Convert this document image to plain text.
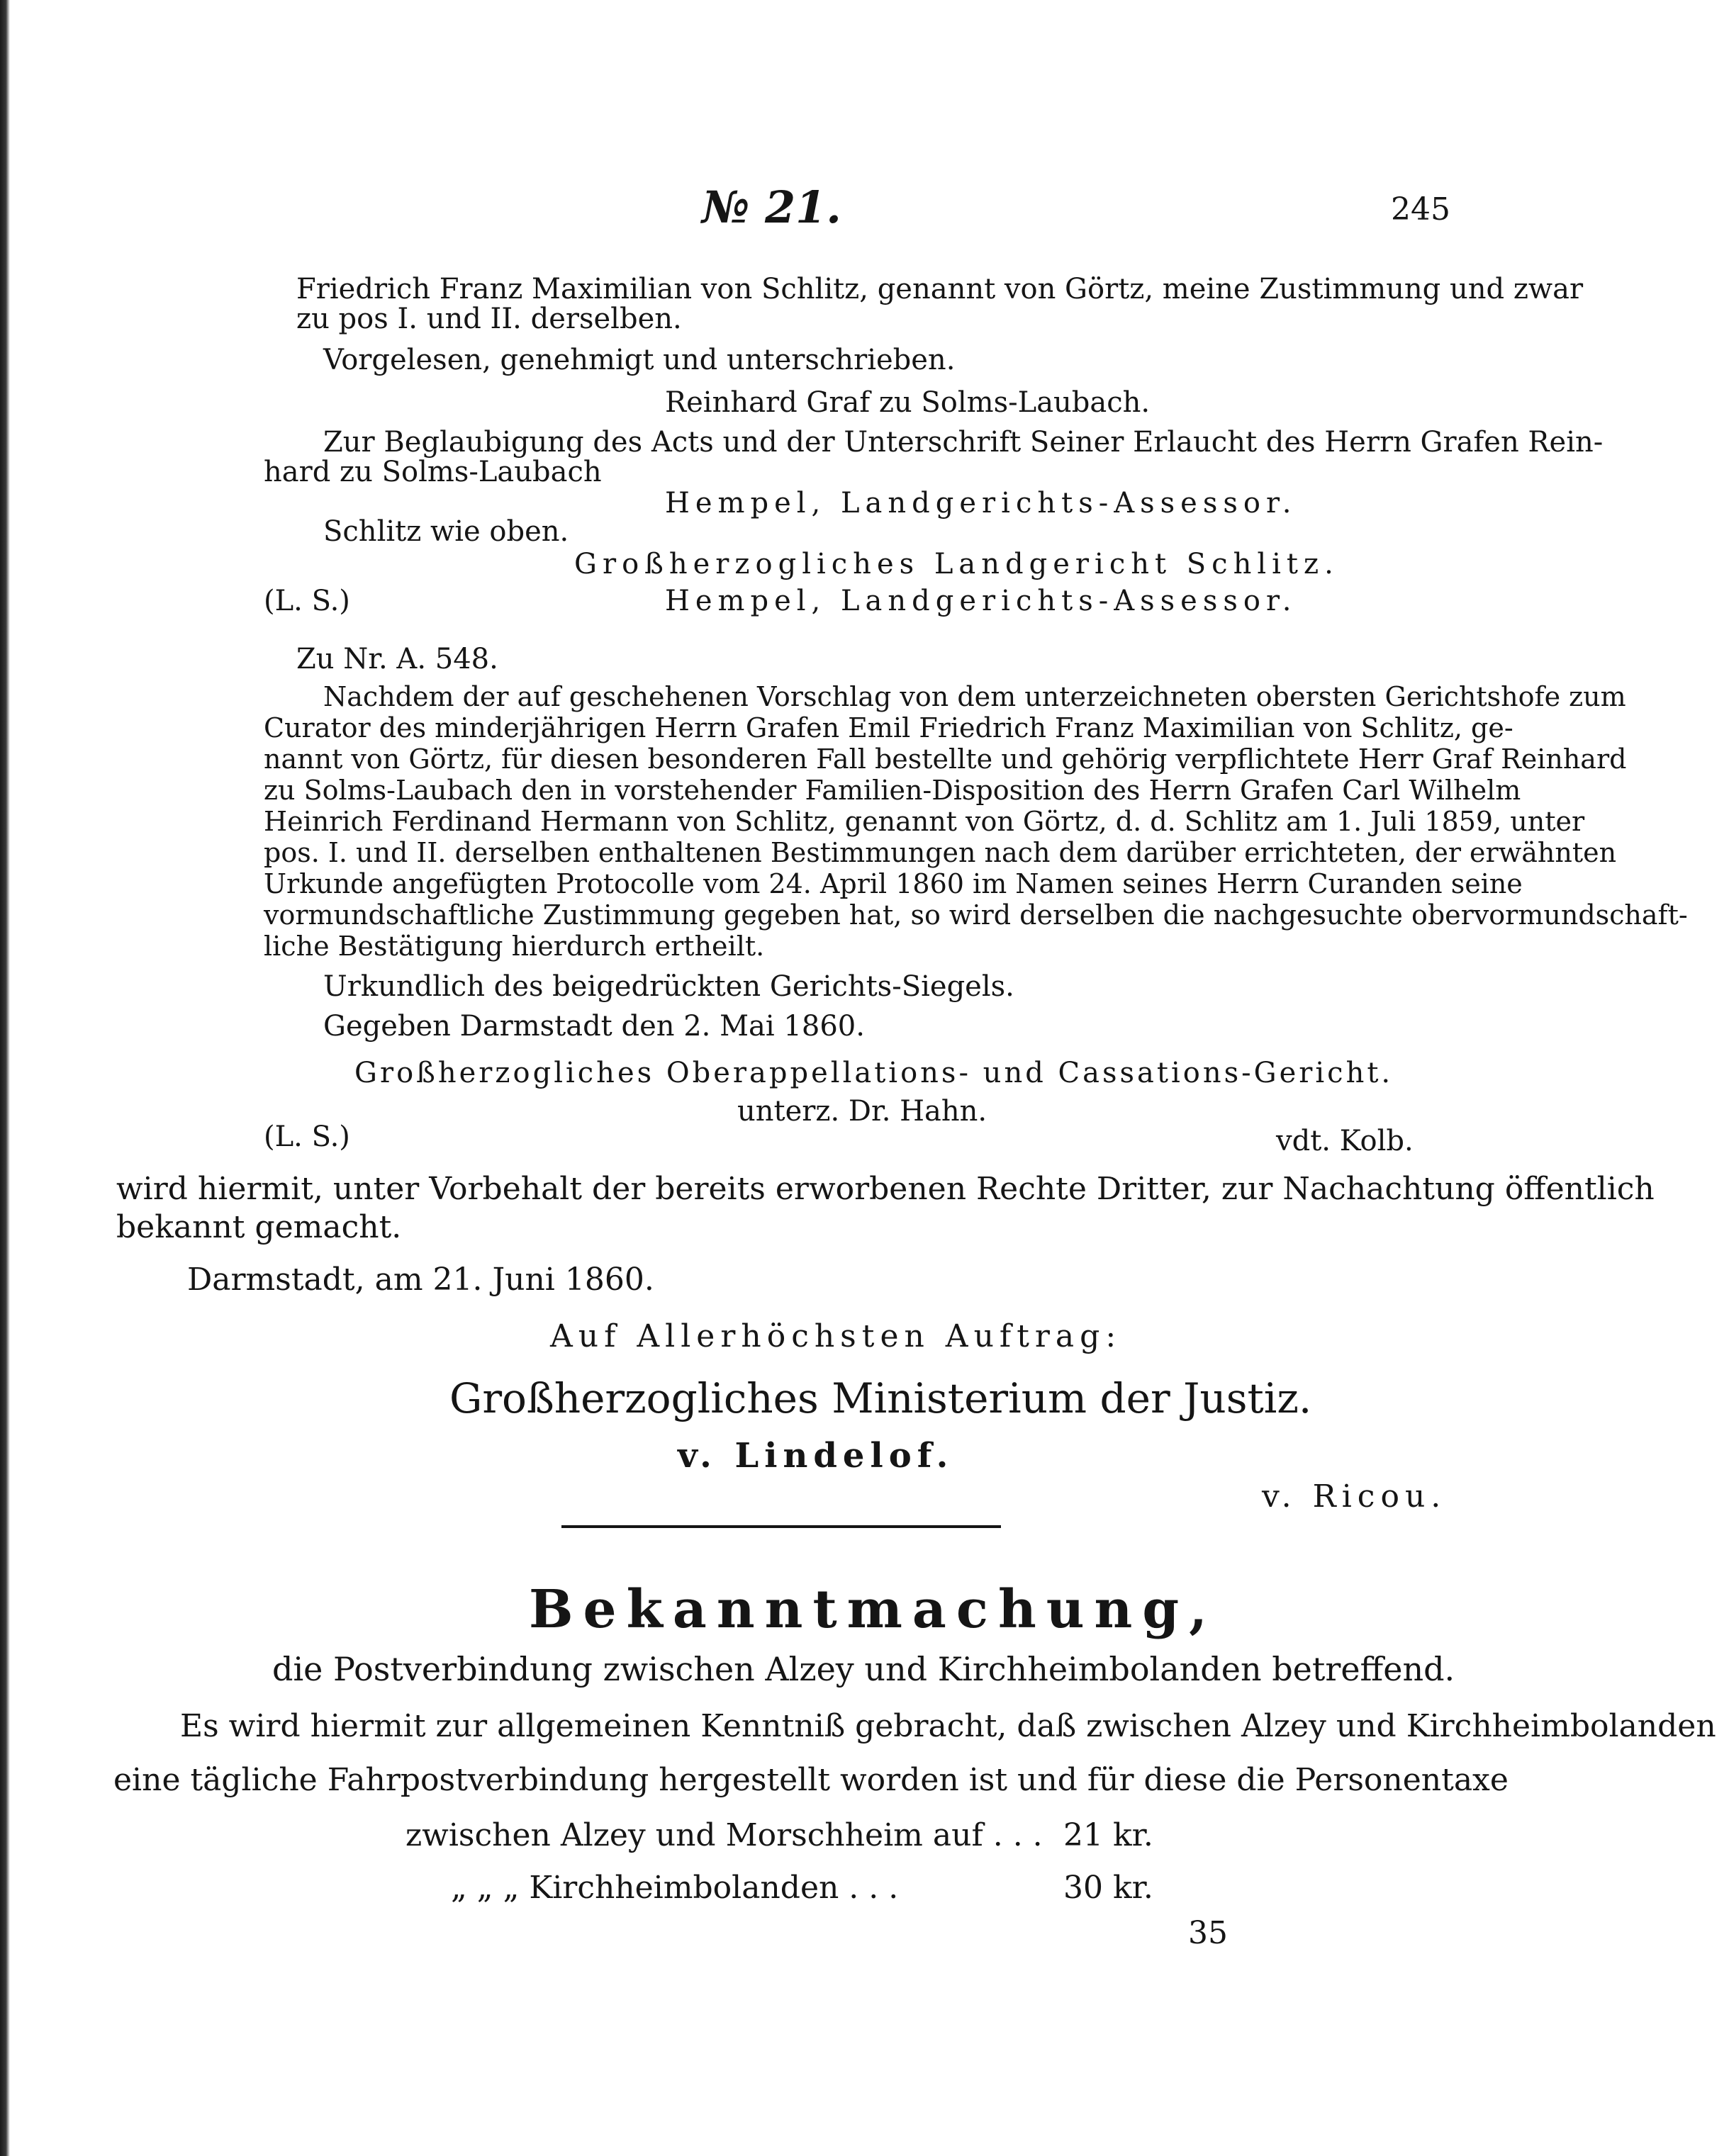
№ 21.	245
Friedrich Franz Maximilian von Schlitz, genannt von Görtz, meine Zustimmung und zwar
zu pos I. und II. derselben.
Vorgelesen, genehmigt und unterschrieben.
Reinhard Graf zu Solms-Laubach.
Zur Beglaubigung des Acts und der Unterschrift Seiner Erlaucht des Herrn Grafen Rein-
hard zu Solms-Laubach
Hempel, Landgerichts-Assessor.
Schlitz wie oben.
Großherzogliches Landgericht Schlitz.
(L. S.)	Hempel, Landgerichts-Assessor.
Zu Nr. A. 548.
Nachdem der auf geschehenen Vorschlag von dem unterzeichneten obersten Gerichtshofe zum
Curator des minderjährigen Herrn Grafen Emil Friedrich Franz Maximilian von Schlitz, ge-
nannt von Görtz, für diesen besonderen Fall bestellte und gehörig verpflichtete Herr Graf Reinhard
zu Solms-Laubach den in vorstehender Familien-Disposition des Herrn Grafen Carl Wilhelm
Heinrich Ferdinand Hermann von Schlitz, genannt von Görtz, d. d. Schlitz am 1. Juli 1859, unter
pos. I. und II. derselben enthaltenen Bestimmungen nach dem darüber errichteten, der erwähnten
Urkunde angefügten Protocolle vom 24. April 1860 im Namen seines Herrn Curanden seine
vormundschaftliche Zustimmung gegeben hat, so wird derselben die nachgesuchte obervormundschaft-
liche Bestätigung hierdurch ertheilt.
Urkundlich des beigedrückten Gerichts-Siegels.
Gegeben Darmstadt den 2. Mai 1860.
Großherzogliches Oberappellations- und Cassations-Gericht.
unterz. Dr. Hahn.
(L. S.)	vdt. Kolb.
wird hiermit, unter Vorbehalt der bereits erworbenen Rechte Dritter, zur Nachachtung öffentlich
bekannt gemacht.
Darmstadt, am 21. Juni 1860.
Auf Allerhöchsten Auftrag:
Großherzogliches Ministerium der Justiz.
v. Lindelof.
v. Ricou.
Bekanntmachung,
die Postverbindung zwischen Alzey und Kirchheimbolanden betreffend.
Es wird hiermit zur allgemeinen Kenntniß gebracht, daß zwischen Alzey und Kirchheimbolanden
eine tägliche Fahrpostverbindung hergestellt worden ist und für diese die Personentaxe
zwischen Alzey und Morschheim auf . . . 21 kr.
„ „ „ Kirchheimbolanden . . .	30 kr.
35
